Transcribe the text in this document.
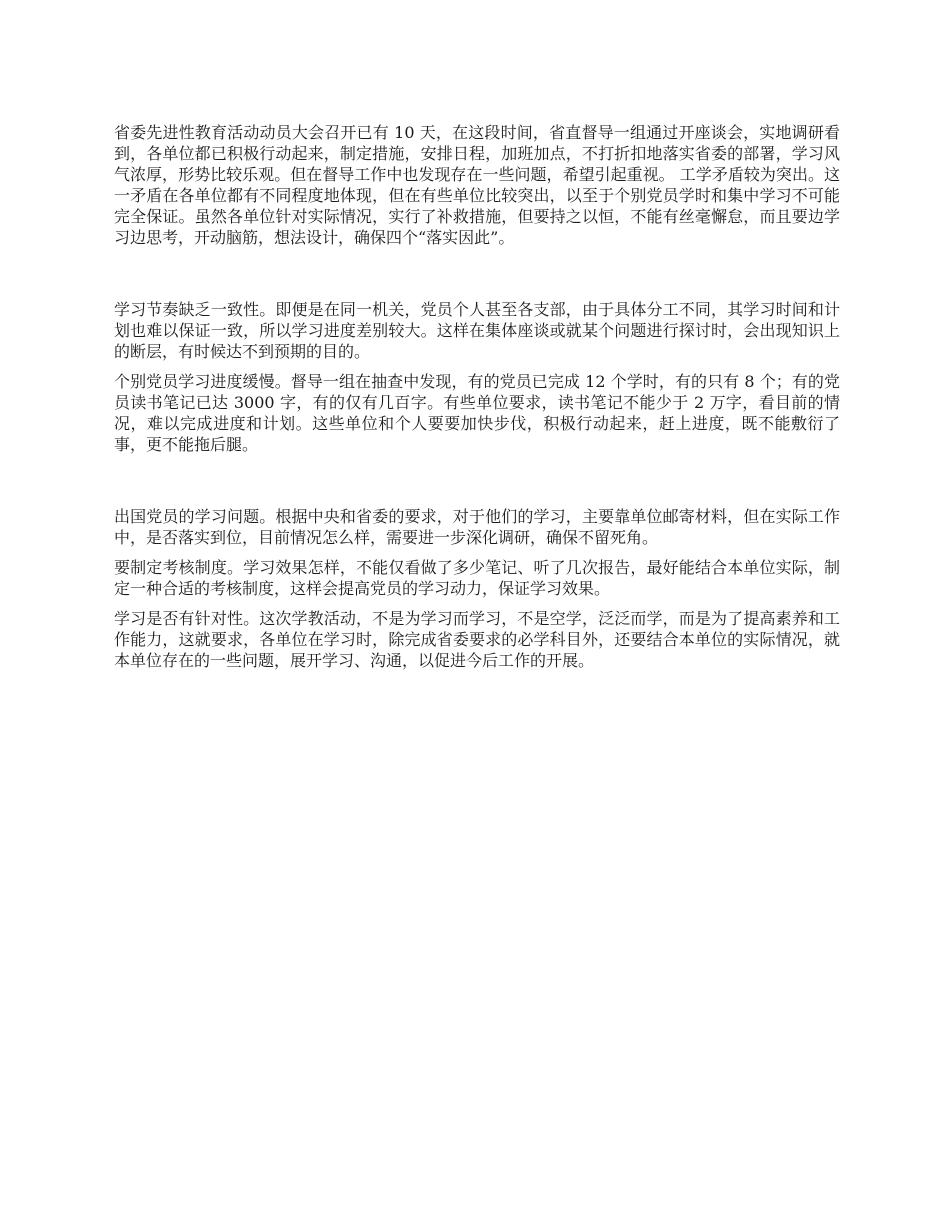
省委先进性教育活动动员大会召开已有 10 天，在这段时间，省直督导一组通过开座谈会，实地调研看到，各单位都已积极行动起来，制定措施，安排日程，加班加点，不打折扣地落实省委的部署，学习风气浓厚，形势比较乐观。但在督导工作中也发现存在一些问题，希望引起重视。 工学矛盾较为突出。这一矛盾在各单位都有不同程度地体现，但在有些单位比较突出，以至于个别党员学时和集中学习不可能完全保证。虽然各单位针对实际情况，实行了补救措施，但要持之以恒，不能有丝毫懈怠，而且要边学习边思考，开动脑筋，想法设计，确保四个“落实因此”。

学习节奏缺乏一致性。即便是在同一机关，党员个人甚至各支部，由于具体分工不同，其学习时间和计划也难以保证一致，所以学习进度差别较大。这样在集体座谈或就某个问题进行探讨时，会出现知识上的断层，有时候达不到预期的目的。

个别党员学习进度缓慢。督导一组在抽查中发现，有的党员已完成 12 个学时，有的只有 8 个；有的党员读书笔记已达 3000 字，有的仅有几百字。有些单位要求，读书笔记不能少于 2 万字，看目前的情况，难以完成进度和计划。这些单位和个人要要加快步伐，积极行动起来，赶上进度，既不能敷衍了事，更不能拖后腿。

出国党员的学习问题。根据中央和省委的要求，对于他们的学习，主要靠单位邮寄材料，但在实际工作中，是否落实到位，目前情况怎么样，需要进一步深化调研，确保不留死角。

要制定考核制度。学习效果怎样，不能仅看做了多少笔记、听了几次报告，最好能结合本单位实际，制定一种合适的考核制度，这样会提高党员的学习动力，保证学习效果。

学习是否有针对性。这次学教活动，不是为学习而学习，不是空学，泛泛而学，而是为了提高素养和工作能力，这就要求，各单位在学习时，除完成省委要求的必学科目外，还要结合本单位的实际情况，就本单位存在的一些问题，展开学习、沟通，以促进今后工作的开展。
